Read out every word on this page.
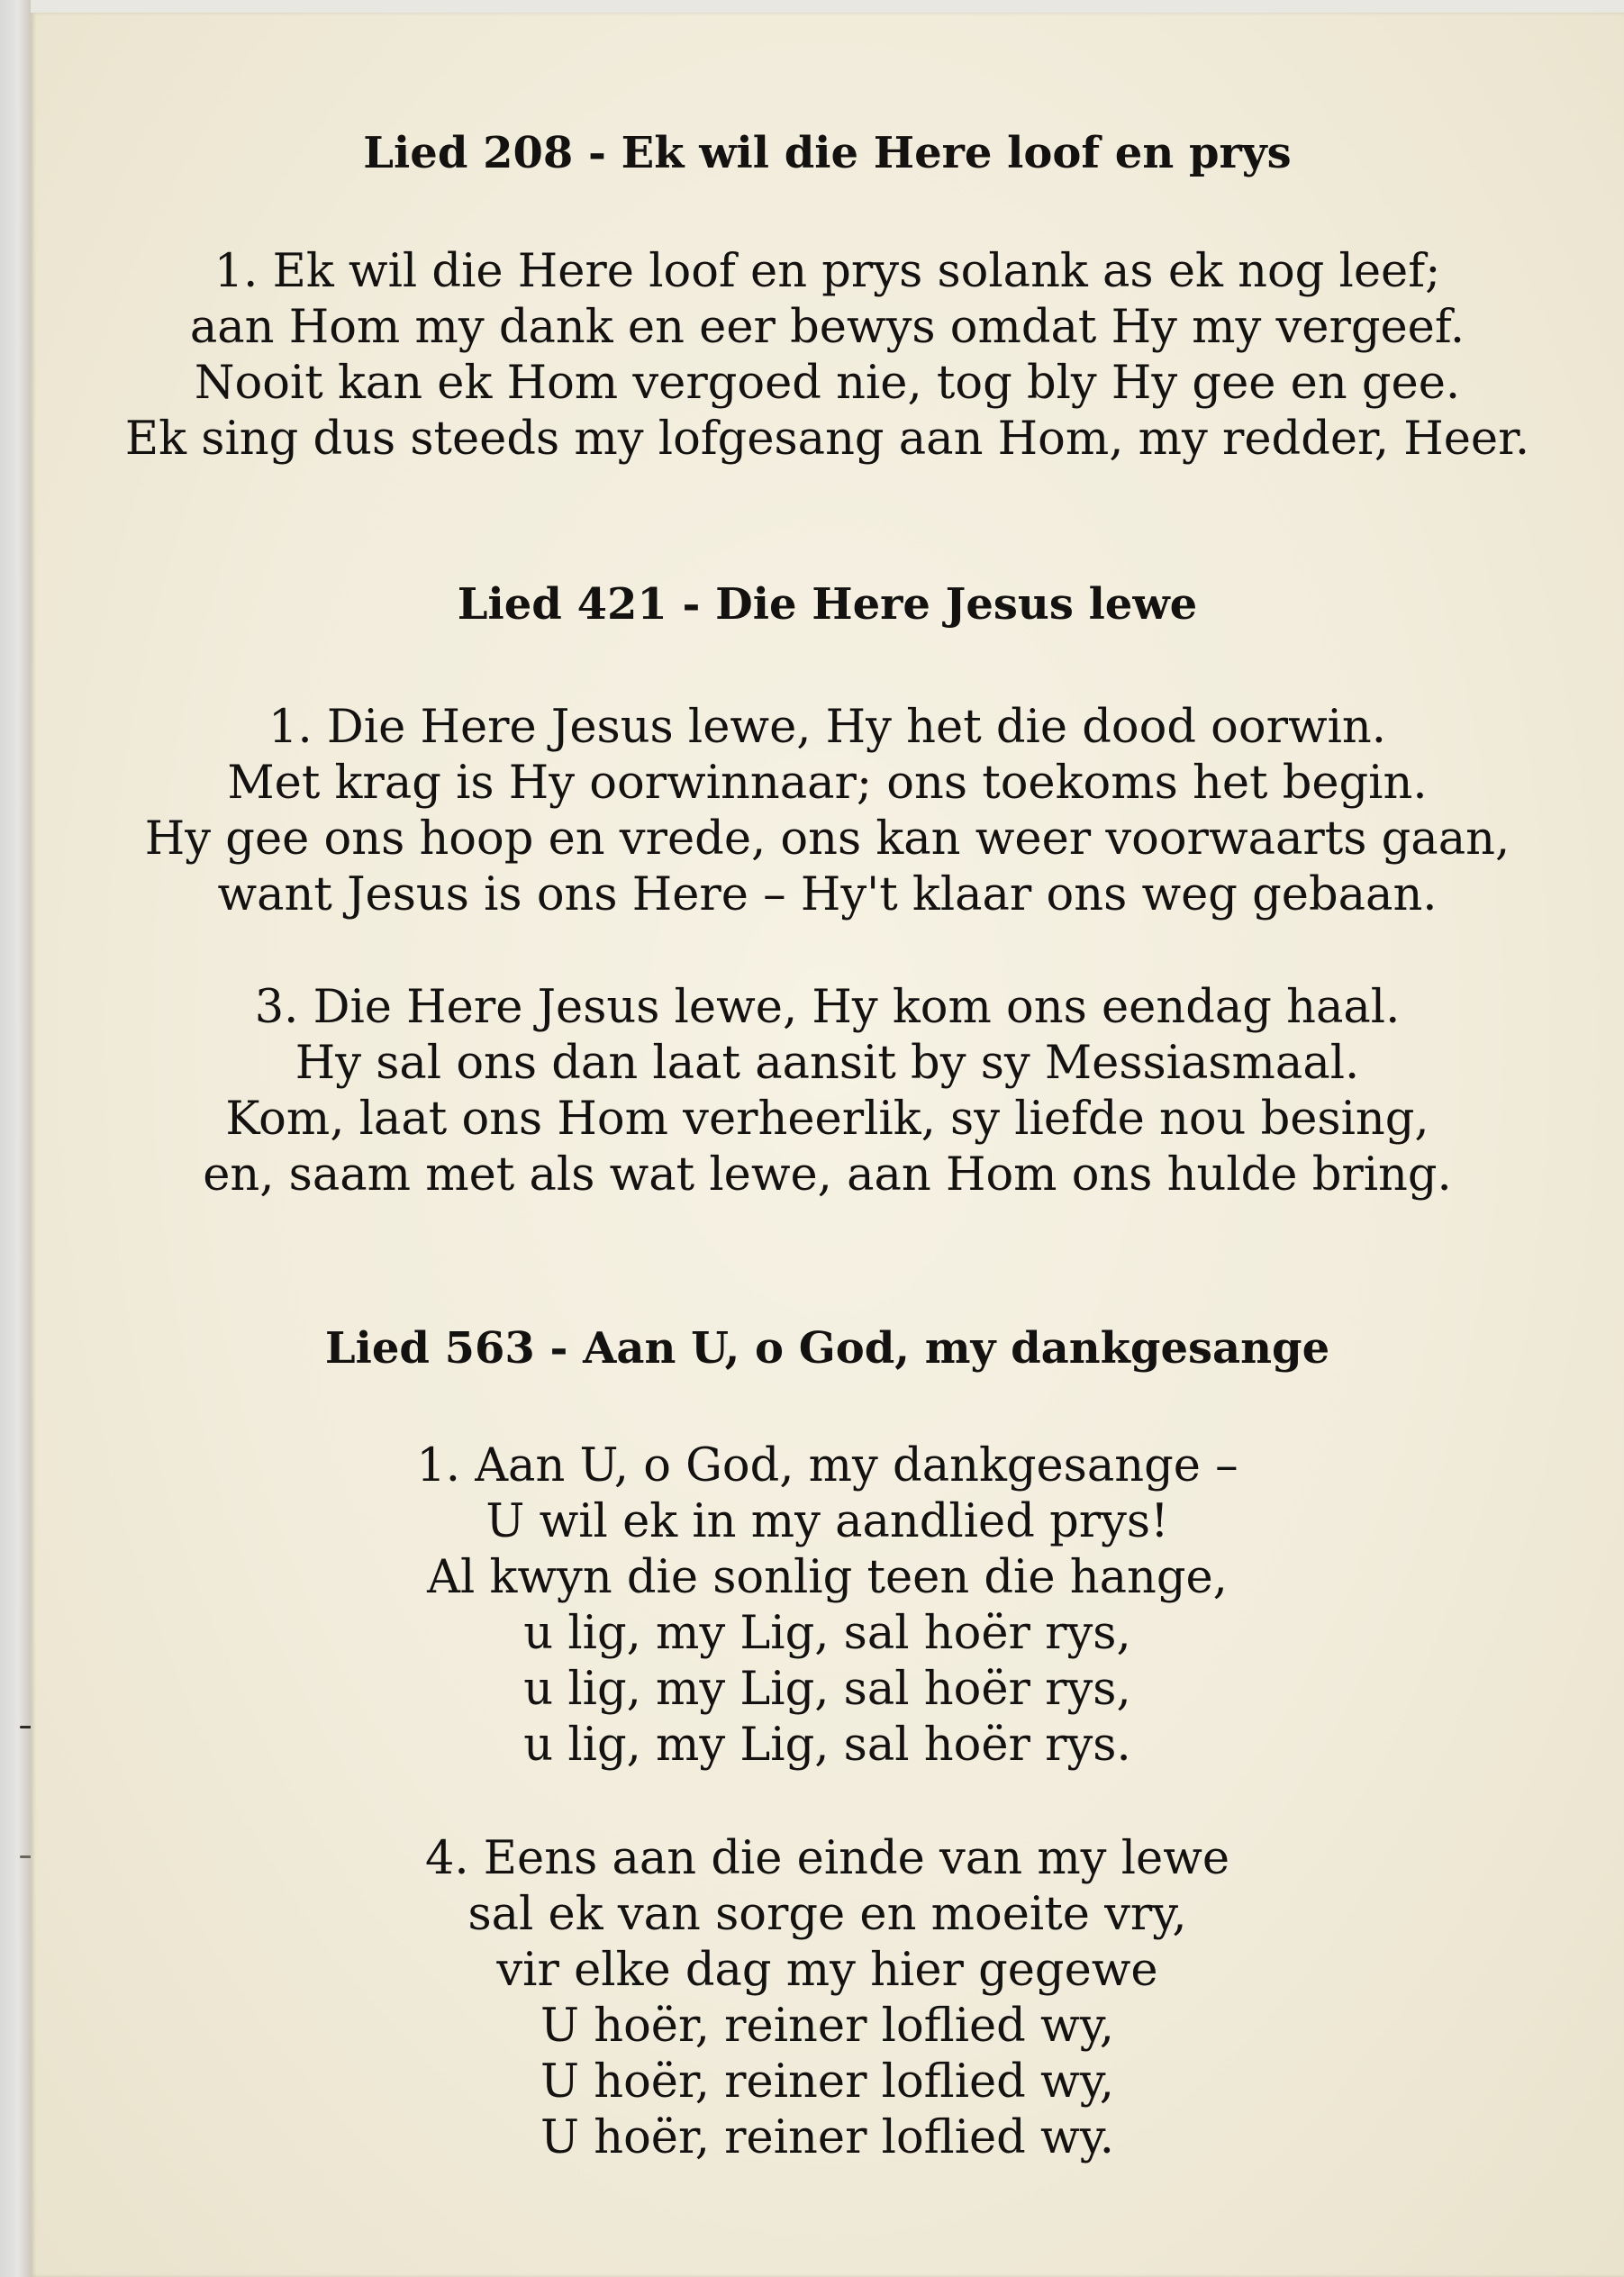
Lied 208 - Ek wil die Here loof en prys

1. Ek wil die Here loof en prys solank as ek nog leef;
aan Hom my dank en eer bewys omdat Hy my vergeef.
Nooit kan ek Hom vergoed nie, tog bly Hy gee en gee.
Ek sing dus steeds my lofgesang aan Hom, my redder, Heer.

Lied 421 - Die Here Jesus lewe

1. Die Here Jesus lewe, Hy het die dood oorwin.
Met krag is Hy oorwinnaar; ons toekoms het begin.
Hy gee ons hoop en vrede, ons kan weer voorwaarts gaan,
want Jesus is ons Here – Hy't klaar ons weg gebaan.

3. Die Here Jesus lewe, Hy kom ons eendag haal.
Hy sal ons dan laat aansit by sy Messiasmaal.
Kom, laat ons Hom verheerlik, sy liefde nou besing,
en, saam met als wat lewe, aan Hom ons hulde bring.

Lied 563 - Aan U, o God, my dankgesange

1. Aan U, o God, my dankgesange –
U wil ek in my aandlied prys!
Al kwyn die sonlig teen die hange,
u lig, my Lig, sal hoër rys,
u lig, my Lig, sal hoër rys,
u lig, my Lig, sal hoër rys.

4. Eens aan die einde van my lewe
sal ek van sorge en moeite vry,
vir elke dag my hier gegewe
U hoër, reiner loflied wy,
U hoër, reiner loflied wy,
U hoër, reiner loflied wy.
